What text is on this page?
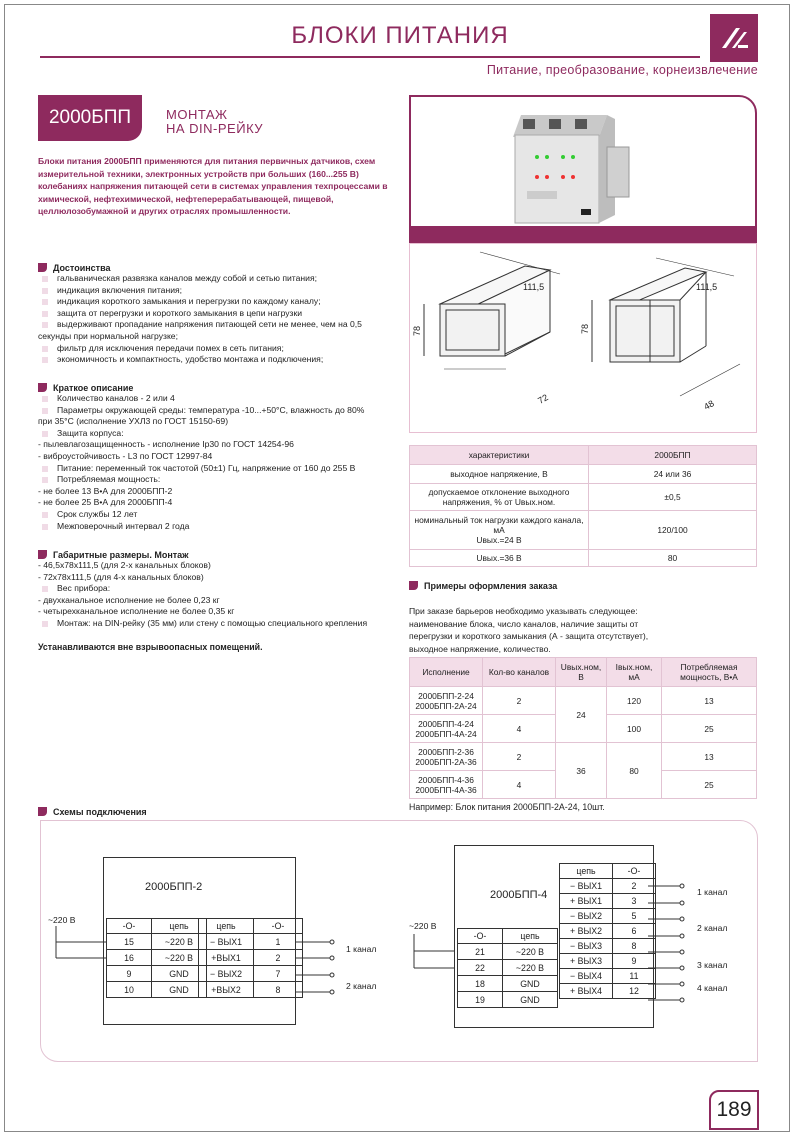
БЛОКИ ПИТАНИЯ
Питание, преобразование, корнеизвлечение
2000БПП	МОНТАЖ
НА DIN-РЕЙКУ
Блоки питания 2000БПП применяются для питания первичных датчиков, схем измерительной техники, электронных устройств при больших (160...255 В) колебаниях напряжения питающей сети в системах управления техпроцессами в химической, нефтехимической, нефтеперерабатывающей, пищевой, целлюлозобумажной и других отраслях промышленности.
111,5
78
72
111,5
78
48
Достоинства
гальваническая развязка каналов между собой и сетью питания;
индикация включения питания;
индикация короткого замыкания и перегрузки по каждому каналу;
защита от перегрузки и короткого замыкания в цепи нагрузки
выдерживают пропадание напряжения питающей сети не менее, чем на 0,5
секунды при нормальной нагрузке;
фильтр для исключения передачи помех в сеть питания;
экономичность и компактность, удобство монтажа и подключения;
Краткое описание
Количество каналов - 2 или 4
Параметры окружающей среды: температура -10...+50°С, влажность до 80%
при 35°С (исполнение УХЛ3 по ГОСТ 15150-69)
Защита корпуса:
- пылевлагозащищенность - исполнение Ip30 по ГОСТ 14254-96
- виброустойчивость - L3 по ГОСТ 12997-84
Питание: переменный ток частотой (50±1) Гц, напряжение от 160 до 255 В
Потребляемая мощность:
- не более 13 В•А для 2000БПП-2
- не более 25 В•А для 2000БПП-4
Срок службы 12 лет
Межповерочный интервал 2 года
Габаритные размеры. Монтаж
- 46,5x78x111,5 (для 2-х канальных блоков)
- 72x78x111,5 (для 4-х канальных блоков)
Вес прибора:
- двухканальное исполнение не более 0,23 кг
- четырехканальное исполнение не более 0,35 кг
Монтаж: на DIN-рейку (35 мм) или стену с помощью специального крепления
Устанавливаются вне взрывоопасных помещений.
характеристики	2000БПП
выходное напряжение, В	24 или 36
допускаемое отклонение выходного напряжения, % от Uвых.ном.	±0,5
номинальный ток нагрузки каждого канала, мА
Uвых.=24 В	120/100
Uвых.=36 В	80
Примеры оформления заказа
При заказе барьеров необходимо указывать следующее: наименование блока, число каналов, наличие защиты от перегрузки и короткого замыкания (А - защита отсутствует), выходное напряжение, количество.
Исполнение	Кол-во каналов	Uвых.ном, В	Iвых.ном, мА	Потребляемая мощность, В•А
2000БПП-2-24
2000БПП-2А-24	2	24	120	13
2000БПП-4-24
2000БПП-4А-24	4		100	25
2000БПП-2-36
2000БПП-2А-36	2	36	80	13
2000БПП-4-36
2000БПП-4А-36	4			25
Например: Блок питания 2000БПП-2А-24, 10шт.
Схемы подключения
2000БПП-2
~220 В
-O-	цепь
15	~220 В
16	~220 В
9	GND
10	GND
цепь	-O-
− ВЫХ1	1
+ВЫХ1	2
− ВЫХ2	7
+ВЫХ2	8
1 канал
2 канал
2000БПП-4
~220 В
-O-	цепь
21	~220 В
22	~220 В
18	GND
19	GND
цепь	-O-
− ВЫХ1	2
+ ВЫХ1	3
− ВЫХ2	5
+ ВЫХ2	6
− ВЫХ3	8
+ ВЫХ3	9
− ВЫХ4	11
+ ВЫХ4	12
1 канал
2 канал
3 канал
4 канал
189
